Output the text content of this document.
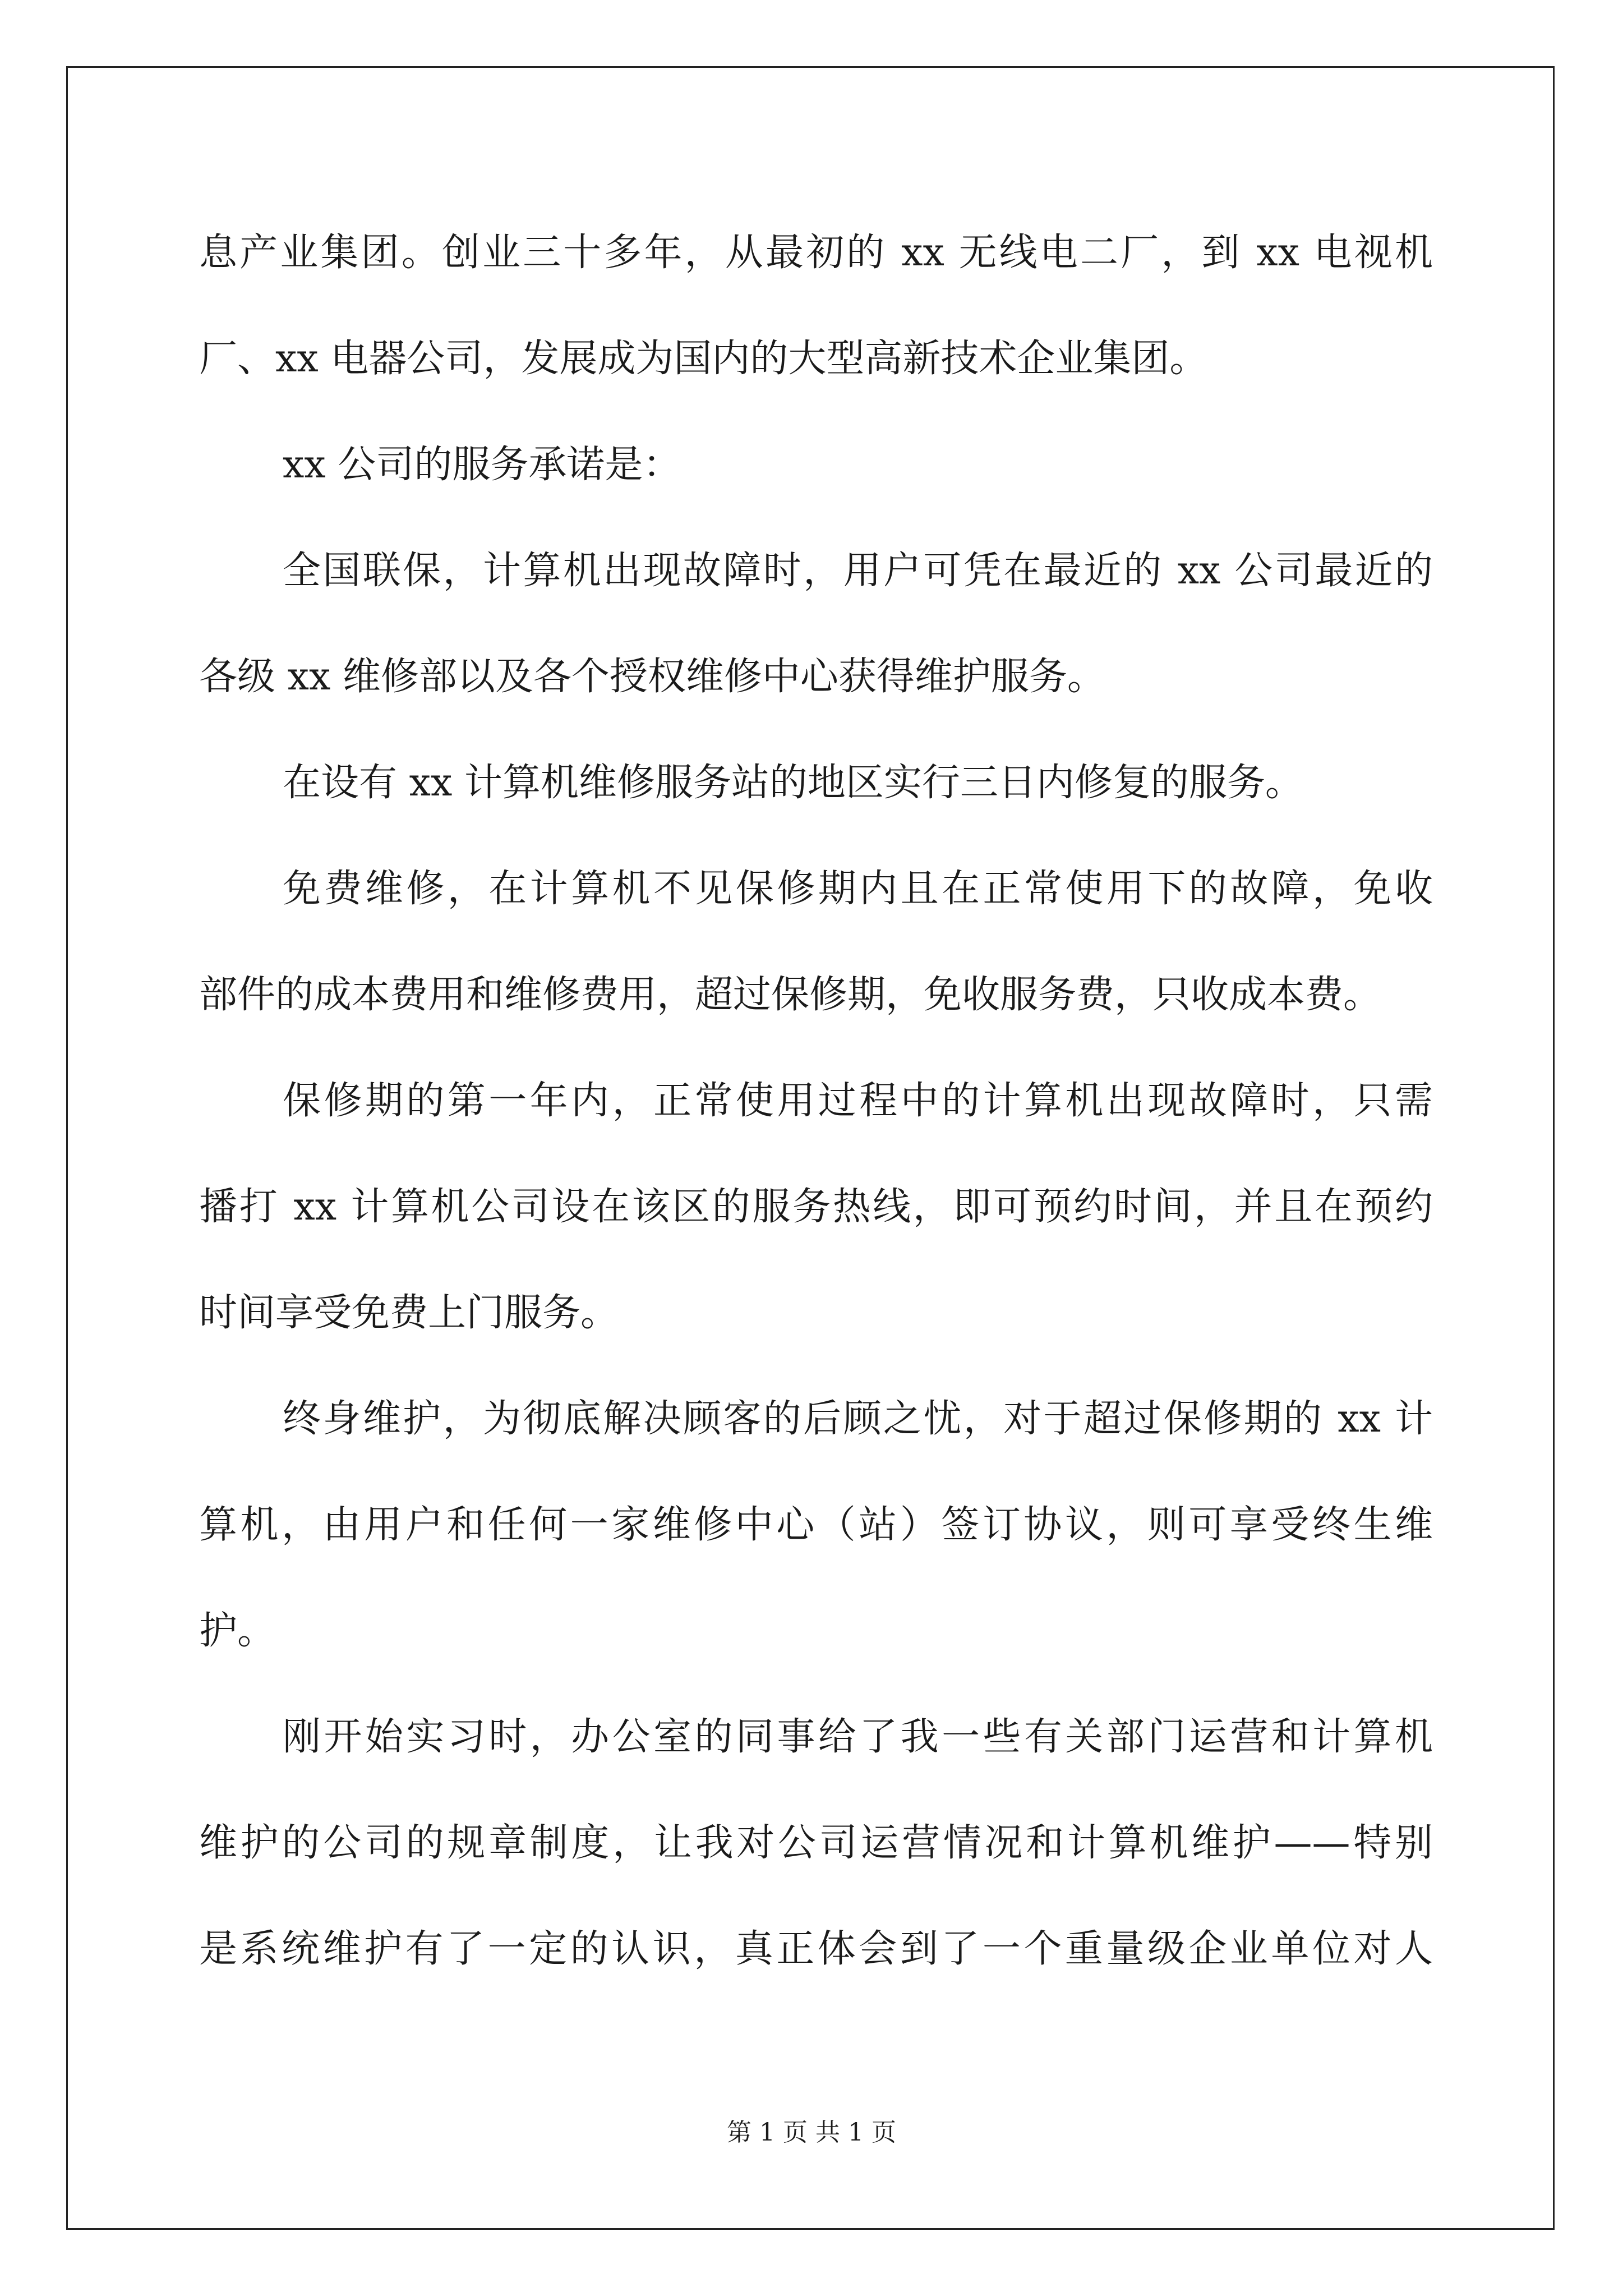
息产业集团。创业三十多年，从最初的 xx 无线电二厂，到 xx 电视机
厂、xx 电器公司，发展成为国内的大型高新技术企业集团。
xx 公司的服务承诺是：
全国联保，计算机出现故障时，用户可凭在最近的 xx 公司最近的
各级 xx 维修部以及各个授权维修中心获得维护服务。
在设有 xx 计算机维修服务站的地区实行三日内修复的服务。
免费维修，在计算机不见保修期内且在正常使用下的故障，免收
部件的成本费用和维修费用，超过保修期，免收服务费，只收成本费。
保修期的第一年内，正常使用过程中的计算机出现故障时，只需
播打 xx 计算机公司设在该区的服务热线，即可预约时间，并且在预约
时间享受免费上门服务。
终身维护，为彻底解决顾客的后顾之忧，对于超过保修期的 xx 计
算机，由用户和任何一家维修中心（站）签订协议，则可享受终生维
护。
刚开始实习时，办公室的同事给了我一些有关部门运营和计算机
维护的公司的规章制度，让我对公司运营情况和计算机维护——特别
是系统维护有了一定的认识，真正体会到了一个重量级企业单位对人
第 1 页 共 1 页
